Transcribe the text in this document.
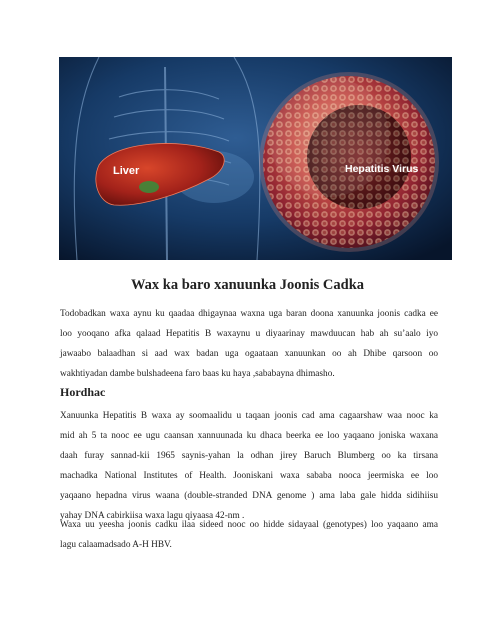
Liver	Hepatitis Virus
Wax ka baro xanuunka Joonis Cadka

Todobadkan waxa aynu ku qaadaa dhigaynaa waxna uga baran doona xanuunka joonis cadka ee
loo yooqano afka qalaad Hepatitis B waxaynu u diyaarinay mawduucan hab ah su’aalo iyo
jawaabo balaadhan si aad wax badan uga ogaataan xanuunkan oo ah Dhibe qarsoon oo
wakhtiyadan dambe bulshadeena faro baas ku haya ,sababayna dhimasho.

Hordhac

Xanuunka Hepatitis B waxa ay soomaalidu u taqaan joonis cad ama cagaarshaw waa nooc ka
mid ah 5 ta nooc ee ugu caansan xannuunada ku dhaca beerka ee loo yaqaano joniska waxana
daah furay sannad-kii 1965 saynis-yahan la odhan jirey Baruch Blumberg oo ka tirsana
machadka National Institutes of Health. Jooniskani waxa sababa nooca jeermiska ee loo
yaqaano hepadna virus waana (double-stranded DNA genome ) ama laba gale hidda sidihiisu
yahay DNA cabirkiisa waxa lagu qiyaasa 42-nm .

Waxa uu yeesha joonis cadku ilaa sideed nooc oo hidde sidayaal (genotypes) loo yaqaano ama
lagu calaamadsado A-H HBV.
